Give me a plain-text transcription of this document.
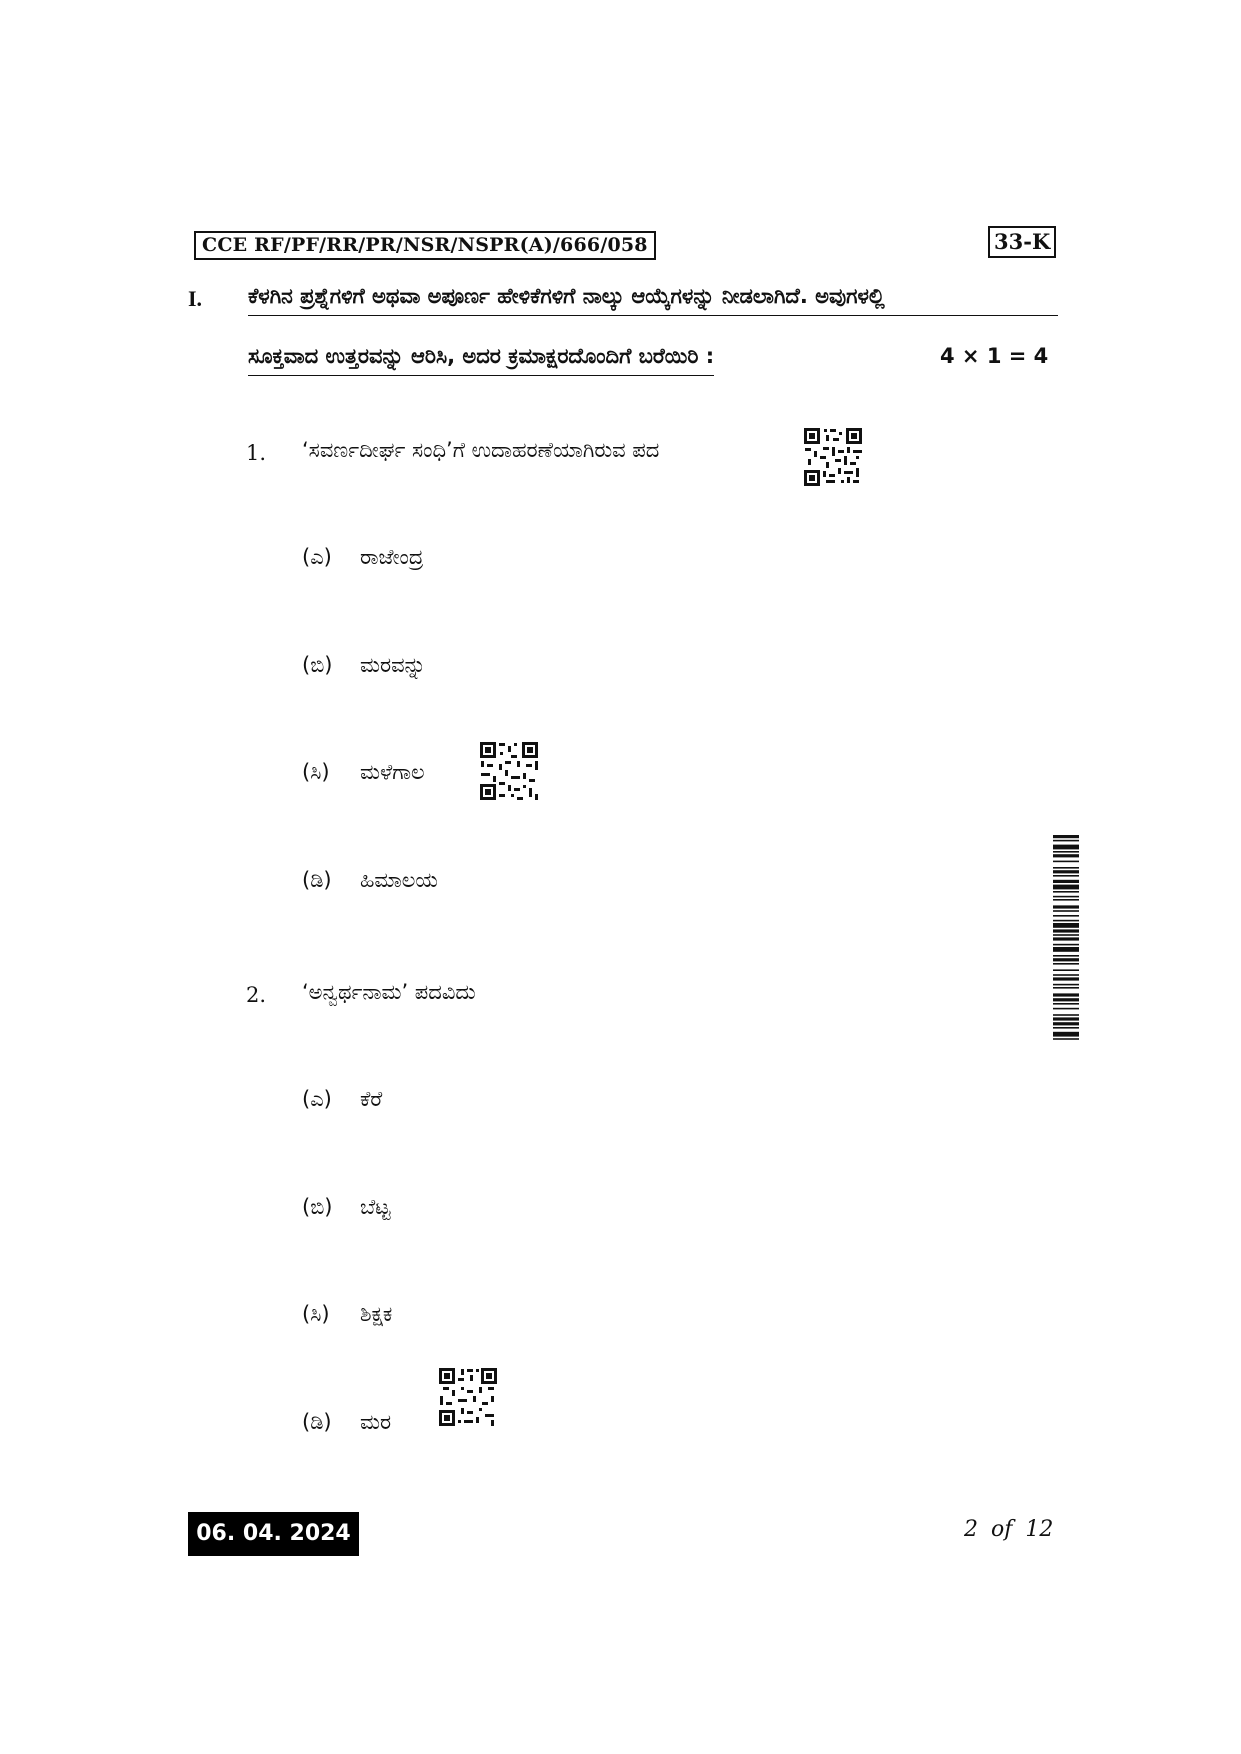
CCE RF/PF/RR/PR/NSR/NSPR(A)/666/058	33-K
I. ಕೆಳಗಿನ ಪ್ರಶ್ನೆಗಳಿಗೆ ಅಥವಾ ಅಪೂರ್ಣ ಹೇಳಿಕೆಗಳಿಗೆ ನಾಲ್ಕು ಆಯ್ಕೆಗಳನ್ನು ನೀಡಲಾಗಿದೆ. ಅವುಗಳಲ್ಲಿ
ಸೂಕ್ತವಾದ ಉತ್ತರವನ್ನು ಆರಿಸಿ, ಅದರ ಕ್ರಮಾಕ್ಷರದೊಂದಿಗೆ ಬರೆಯಿರಿ :	4 × 1 = 4
1. ‘ಸವರ್ಣದೀರ್ಘ ಸಂಧಿ’ಗೆ ಉದಾಹರಣೆಯಾಗಿರುವ ಪದ
(ಎ) ರಾಜೇಂದ್ರ
(ಬಿ) ಮರವನ್ನು
(ಸಿ) ಮಳೆಗಾಲ
(ಡಿ) ಹಿಮಾಲಯ
2. ‘ಅನ್ವರ್ಥನಾಮ’ ಪದವಿದು
(ಎ) ಕೆರೆ
(ಬಿ) ಬೆಟ್ಟ
(ಸಿ) ಶಿಕ್ಷಕ
(ಡಿ) ಮರ
06. 04. 2024	2 of 12
